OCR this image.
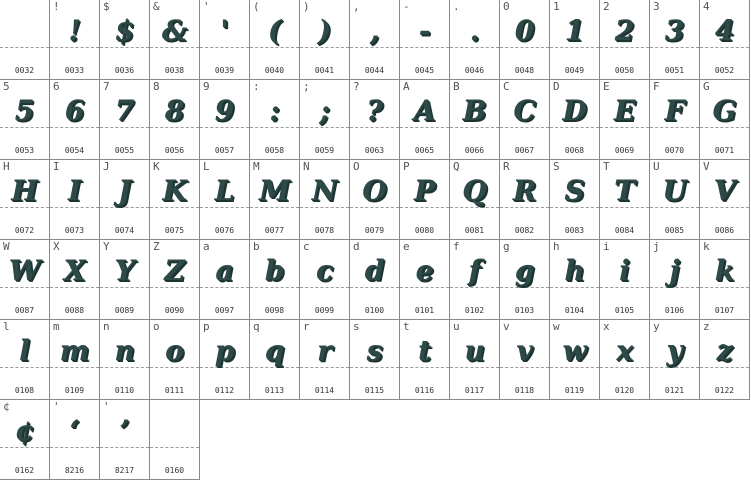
0032
!
!
0033
$
$
0036
&
&
0038
'
'
0039
(
(
0040
)
)
0041
,
,
0044
-
-
0045
.
.
0046
0
0
0048
1
1
0049
2
2
0050
3
3
0051
4
4
0052
5
5
0053
6
6
0054
7
7
0055
8
8
0056
9
9
0057
:
:
0058
;
;
0059
?
?
0063
A
A
0065
B
B
0066
C
C
0067
D
D
0068
E
E
0069
F
F
0070
G
G
0071
H
H
0072
I
I
0073
J
J
0074
K
K
0075
L
L
0076
M
M
0077
N
N
0078
O
O
0079
P
P
0080
Q
Q
0081
R
R
0082
S
S
0083
T
T
0084
U
U
0085
V
V
0086
W
W
0087
X
X
0088
Y
Y
0089
Z
Z
0090
a
a
0097
b
b
0098
c
c
0099
d
d
0100
e
e
0101
f
f
0102
g
g
0103
h
h
0104
i
i
0105
j
j
0106
k
k
0107
l
l
0108
m
m
0109
n
n
0110
o
o
0111
p
p
0112
q
q
0113
r
r
0114
s
s
0115
t
t
0116
u
u
0117
v
v
0118
w
w
0119
x
x
0120
y
y
0121
z
z
0122
¢
¢
0162
'
‘
8216
'
’
8217	0160
